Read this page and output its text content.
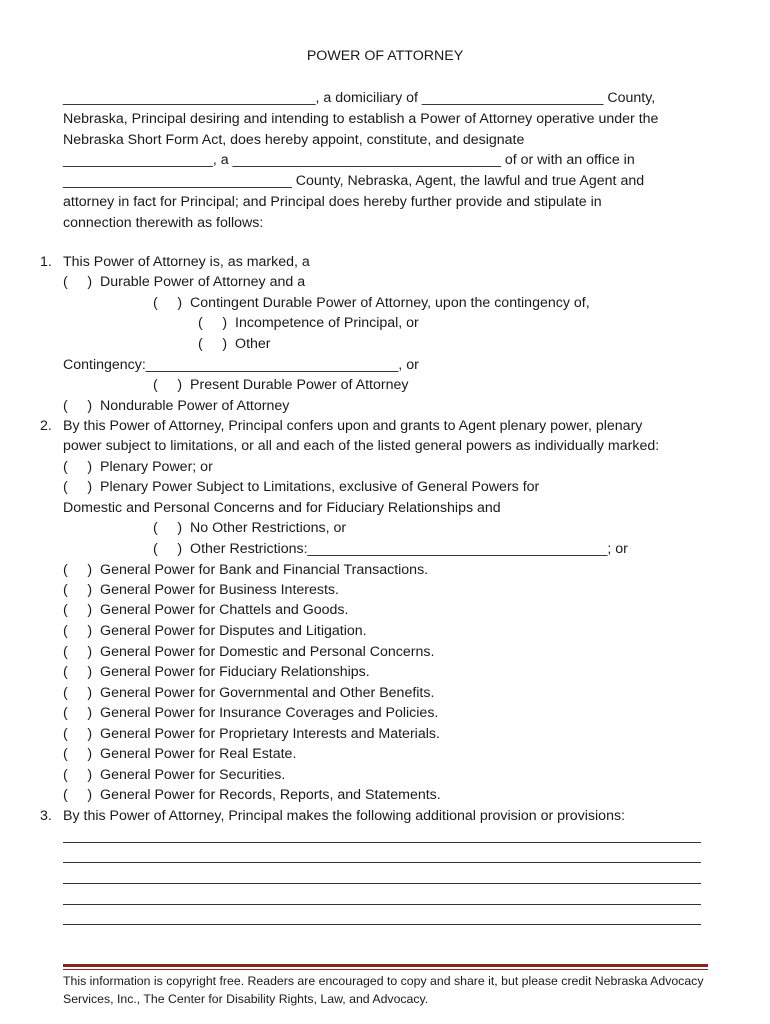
POWER OF ATTORNEY
________________________________, a domiciliary of _______________________ County,
Nebraska, Principal desiring and intending to establish a Power of Attorney operative under the
Nebraska Short Form Act, does hereby appoint, constitute, and designate
___________________, a __________________________________ of or with an office in
_____________________________ County, Nebraska, Agent, the lawful and true Agent and
attorney in fact for Principal; and Principal does hereby further provide and stipulate in
connection therewith as follows:
1. This Power of Attorney is, as marked, a
(     )  Durable Power of Attorney and a
(     )  Contingent Durable Power of Attorney, upon the contingency of,
(     )  Incompetence of Principal, or
(     )  Other
Contingency:________________________________, or
(     )  Present Durable Power of Attorney
(     )  Nondurable Power of Attorney
2. By this Power of Attorney, Principal confers upon and grants to Agent plenary power, plenary
power subject to limitations, or all and each of the listed general powers as individually marked:
(     )  Plenary Power; or
(     )  Plenary Power Subject to Limitations, exclusive of General Powers for
Domestic and Personal Concerns and for Fiduciary Relationships and
(     )  No Other Restrictions, or
(     )  Other Restrictions:______________________________________; or
(     )  General Power for Bank and Financial Transactions.
(     )  General Power for Business Interests.
(     )  General Power for Chattels and Goods.
(     )  General Power for Disputes and Litigation.
(     )  General Power for Domestic and Personal Concerns.
(     )  General Power for Fiduciary Relationships.
(     )  General Power for Governmental and Other Benefits.
(     )  General Power for Insurance Coverages and Policies.
(     )  General Power for Proprietary Interests and Materials.
(     )  General Power for Real Estate.
(     )  General Power for Securities.
(     )  General Power for Records, Reports, and Statements.
3. By this Power of Attorney, Principal makes the following additional provision or provisions:
This information is copyright free. Readers are encouraged to copy and share it, but please credit Nebraska Advocacy Services, Inc., The Center for Disability Rights, Law, and Advocacy.
